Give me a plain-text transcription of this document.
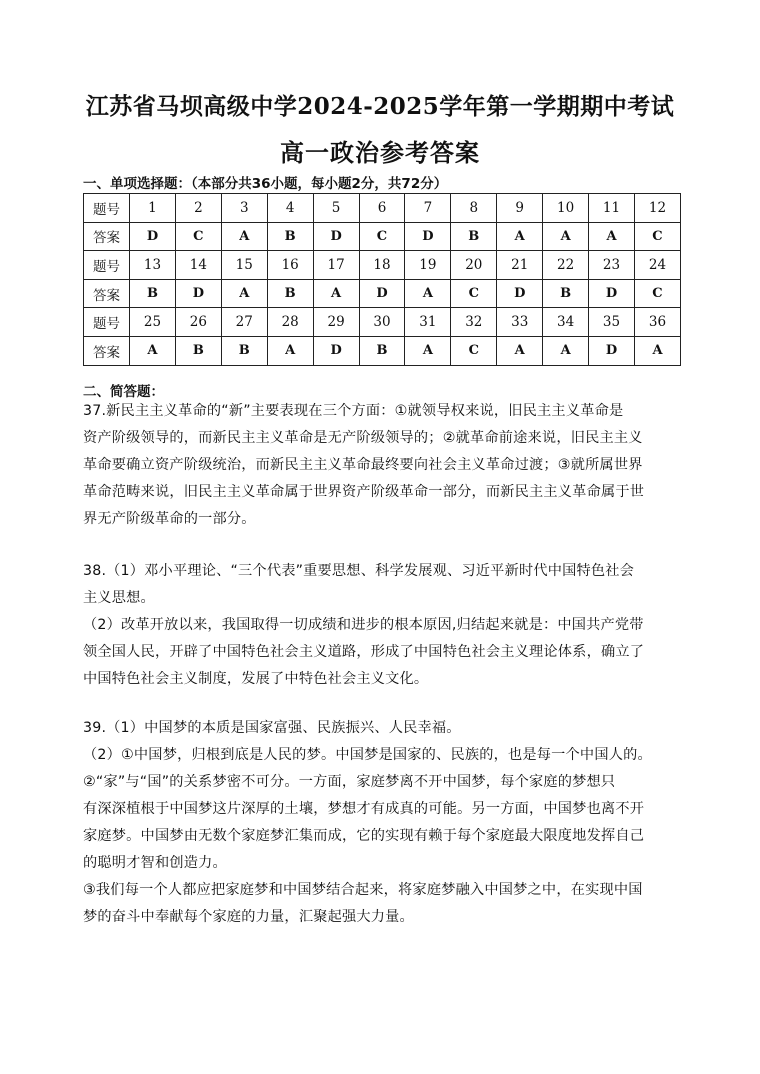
江苏省马坝高级中学2024-2025学年第一学期期中考试
高一政治参考答案
一、单项选择题：（本部分共36小题，每小题2分，共72分）
题号	1	2	3	4	5	6	7	8	9	10	11	12
答案	D	C	A	B	D	C	D	B	A	A	A	C
题号	13	14	15	16	17	18	19	20	21	22	23	24
答案	B	D	A	B	A	D	A	C	D	B	D	C
题号	25	26	27	28	29	30	31	32	33	34	35	36
答案	A	B	B	A	D	B	A	C	A	A	D	A
二、简答题：
37.新民主主义革命的“新”主要表现在三个方面：①就领导权来说，旧民主主义革命是
资产阶级领导的，而新民主主义革命是无产阶级领导的；②就革命前途来说，旧民主主义
革命要确立资产阶级统治，而新民主主义革命最终要向社会主义革命过渡；③就所属世界
革命范畴来说，旧民主主义革命属于世界资产阶级革命一部分，而新民主主义革命属于世
界无产阶级革命的一部分。
38.（1）邓小平理论、“三个代表”重要思想、科学发展观、习近平新时代中国特色社会
主义思想。
（2）改革开放以来，我国取得一切成绩和进步的根本原因,归结起来就是：中国共产党带
领全国人民，开辟了中国特色社会主义道路，形成了中国特色社会主义理论体系，确立了
中国特色社会主义制度，发展了中特色社会主义文化。
39.（1）中国梦的本质是国家富强、民族振兴、人民幸福。
（2）①中国梦，归根到底是人民的梦。中国梦是国家的、民族的，也是每一个中国人的。
②“家”与“国”的关系梦密不可分。一方面，家庭梦离不开中国梦，每个家庭的梦想只
有深深植根于中国梦这片深厚的土壤，梦想才有成真的可能。另一方面，中国梦也离不开
家庭梦。中国梦由无数个家庭梦汇集而成，它的实现有赖于每个家庭最大限度地发挥自己
的聪明才智和创造力。
③我们每一个人都应把家庭梦和中国梦结合起来，将家庭梦融入中国梦之中，在实现中国
梦的奋斗中奉献每个家庭的力量，汇聚起强大力量。
